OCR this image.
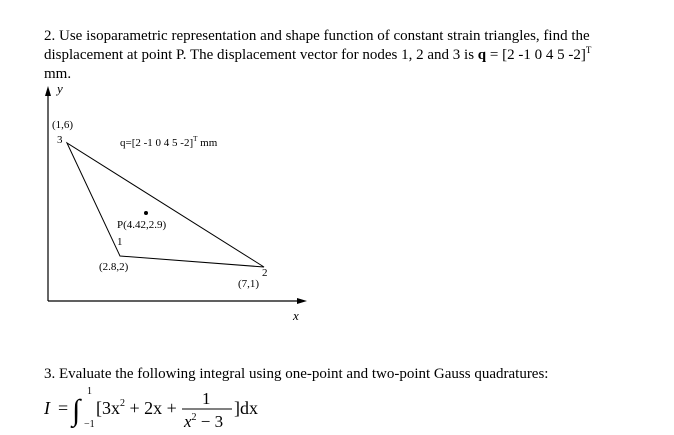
2. Use isoparametric representation and shape function of constant strain triangles, find the

displacement at point P. The displacement vector for nodes 1, 2 and 3 is q = [2 -1 0 4 5 -2]$^T$

mm.

y
x
(1,6)
3
1
(2.8,2)	2
(7,1)
P(4.42,2.9)
q=[2 -1 0 4 5 -2]$^T$ mm
3. Evaluate the following integral using one-point and two-point Gauss quadratures:
I = ∫
1
−1
[$3x^2 + 2x + 1$
$x^2 - 3$
]dx
